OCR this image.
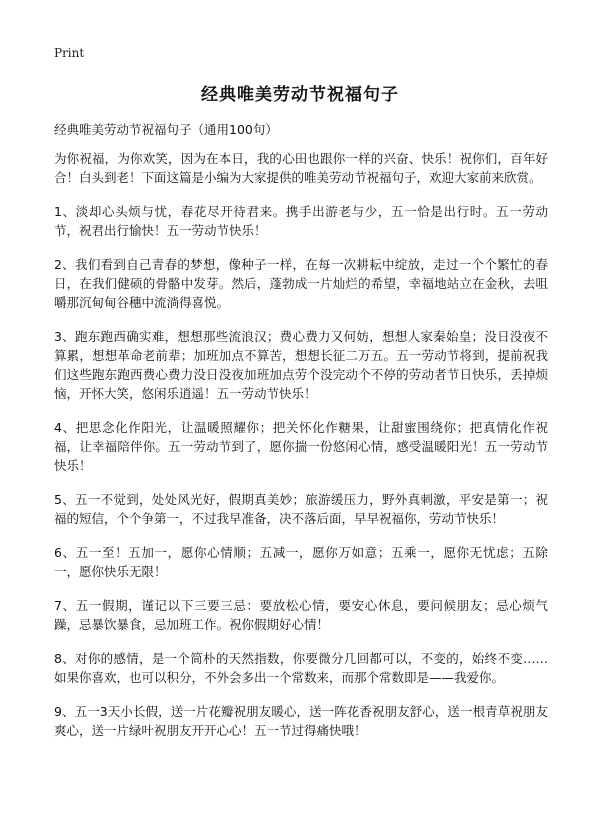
Print
经典唯美劳动节祝福句子

经典唯美劳动节祝福句子（通用100句）

为你祝福，为你欢笑，因为在本日，我的心田也跟你一样的兴奋、快乐！祝你们，百年好合！白头到老！下面这篇是小编为大家提供的唯美劳动节祝福句子，欢迎大家前来欣赏。

1、淡却心头烦与忧，春花尽开待君来。携手出游老与少，五一恰是出行时。五一劳动节，祝君出行愉快！五一劳动节快乐！

2、我们看到自己青春的梦想，像种子一样，在每一次耕耘中绽放，走过一个个繁忙的春日，在我们健硕的骨骼中发芽。然后，蓬勃成一片灿烂的希望，幸福地站立在金秋，去咀嚼那沉甸甸谷穗中流淌得喜悦。

3、跑东跑西确实难，想想那些流浪汉；费心费力又何妨，想想人家秦始皇；没日没夜不算累，想想革命老前辈；加班加点不算苦，想想长征二万五。五一劳动节将到，提前祝我们这些跑东跑西费心费力没日没夜加班加点劳个没完动个不停的劳动者节日快乐，丢掉烦恼，开怀大笑，悠闲乐逍遥！五一劳动节快乐！

4、把思念化作阳光，让温暖照耀你；把关怀化作糖果，让甜蜜围绕你；把真情化作祝福，让幸福陪伴你。五一劳动节到了，愿你揣一份悠闲心情，感受温暖阳光！五一劳动节快乐！

5、五一不觉到，处处风光好，假期真美妙；旅游缓压力，野外真刺激，平安是第一；祝福的短信，个个争第一，不过我早准备，决不落后面，早早祝福你，劳动节快乐！

6、五一至！五加一，愿你心情顺；五减一，愿你万如意；五乘一，愿你无忧虑；五除一，愿你快乐无限！

7、五一假期，谨记以下三要三忌：要放松心情，要安心休息，要问候朋友；忌心烦气躁，忌暴饮暴食，忌加班工作。祝你假期好心情！

8、对你的感情，是一个简朴的天然指数，你要微分几回都可以，不变的，始终不变……如果你喜欢，也可以积分，不外会多出一个常数来，而那个常数即是——我爱你。

9、五一3天小长假，送一片花瓣祝朋友暖心，送一阵花香祝朋友舒心，送一根青草祝朋友爽心，送一片绿叶祝朋友开开心心！五一节过得痛快哦！
